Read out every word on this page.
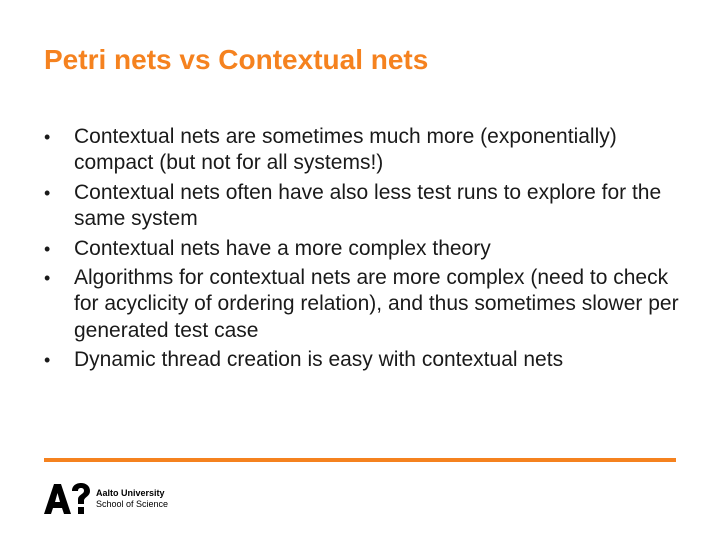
Petri nets vs Contextual nets
•	Contextual nets are sometimes much more (exponentially) compact (but not for all systems!)
•	Contextual nets often have also less test runs to explore for the same system
•	Contextual nets have a more complex theory
•	Algorithms for contextual nets are more complex (need to check for acyclicity of ordering relation), and thus sometimes slower per generated test case
•	Dynamic thread creation is easy with contextual nets
Aalto University
School of Science
